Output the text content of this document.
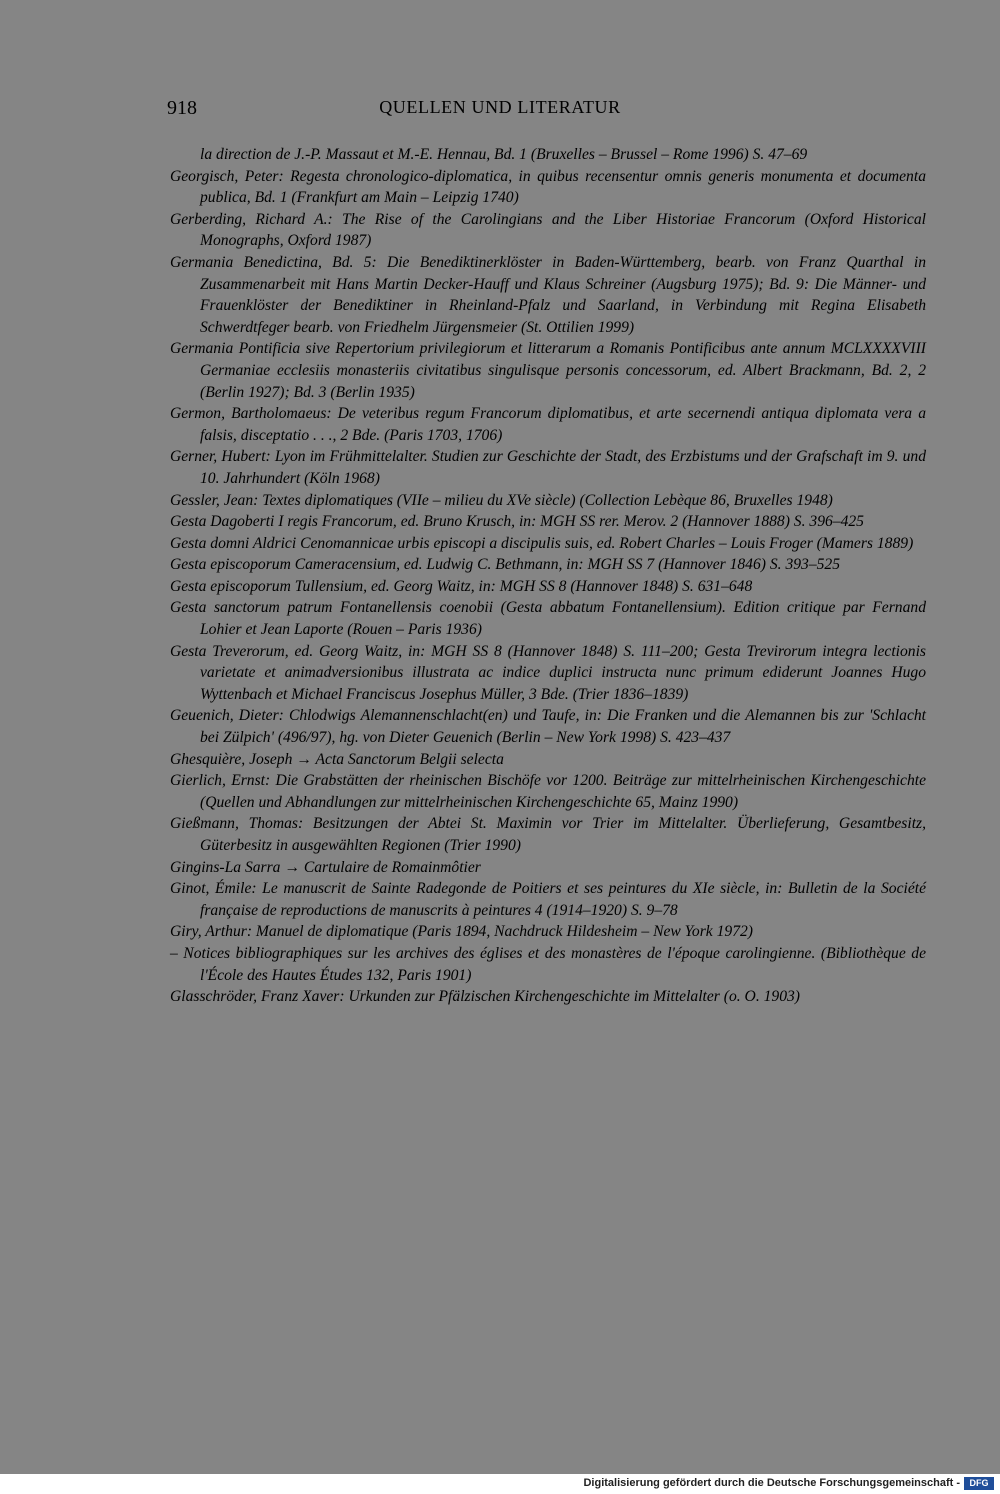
918	QUELLEN UND LITERATUR

la direction de J.-P. Massaut et M.-E. Hennau, Bd. 1 (Bruxelles – Brussel – Rome 1996) S. 47–69

Georgisch, Peter: Regesta chronologico-diplomatica, in quibus recensentur omnis generis monumenta et documenta publica, Bd. 1 (Frankfurt am Main – Leipzig 1740)

Gerberding, Richard A.: The Rise of the Carolingians and the Liber Historiae Francorum (Oxford Historical Monographs, Oxford 1987)

Germania Benedictina, Bd. 5: Die Benediktinerklöster in Baden-Württemberg, bearb. von Franz Quarthal in Zusammenarbeit mit Hans Martin Decker-Hauff und Klaus Schreiner (Augsburg 1975); Bd. 9: Die Männer- und Frauenklöster der Benediktiner in Rheinland-Pfalz und Saarland, in Verbindung mit Regina Elisabeth Schwerdtfeger bearb. von Friedhelm Jürgensmeier (St. Ottilien 1999)

Germania Pontificia sive Repertorium privilegiorum et litterarum a Romanis Pontificibus ante annum MCLXXXXVIII Germaniae ecclesiis monasteriis civitatibus singulisque personis concessorum, ed. Albert Brackmann, Bd. 2, 2 (Berlin 1927); Bd. 3 (Berlin 1935)

Germon, Bartholomaeus: De veteribus regum Francorum diplomatibus, et arte secernendi antiqua diplomata vera a falsis, disceptatio . . ., 2 Bde. (Paris 1703, 1706)

Gerner, Hubert: Lyon im Frühmittelalter. Studien zur Geschichte der Stadt, des Erzbistums und der Grafschaft im 9. und 10. Jahrhundert (Köln 1968)

Gessler, Jean: Textes diplomatiques (VIIe – milieu du XVe siècle) (Collection Lebèque 86, Bruxelles 1948)

Gesta Dagoberti I regis Francorum, ed. Bruno Krusch, in: MGH SS rer. Merov. 2 (Hannover 1888) S. 396–425

Gesta domni Aldrici Cenomannicae urbis episcopi a discipulis suis, ed. Robert Charles – Louis Froger (Mamers 1889)

Gesta episcoporum Cameracensium, ed. Ludwig C. Bethmann, in: MGH SS 7 (Hannover 1846) S. 393–525

Gesta episcoporum Tullensium, ed. Georg Waitz, in: MGH SS 8 (Hannover 1848) S. 631–648

Gesta sanctorum patrum Fontanellensis coenobii (Gesta abbatum Fontanellensium). Edition critique par Fernand Lohier et Jean Laporte (Rouen – Paris 1936)

Gesta Treverorum, ed. Georg Waitz, in: MGH SS 8 (Hannover 1848) S. 111–200; Gesta Trevirorum integra lectionis varietate et animadversionibus illustrata ac indice duplici instructa nunc primum ediderunt Joannes Hugo Wyttenbach et Michael Franciscus Josephus Müller, 3 Bde. (Trier 1836–1839)

Geuenich, Dieter: Chlodwigs Alemannenschlacht(en) und Taufe, in: Die Franken und die Alemannen bis zur 'Schlacht bei Zülpich' (496/97), hg. von Dieter Geuenich (Berlin – New York 1998) S. 423–437

Ghesquière, Joseph → Acta Sanctorum Belgii selecta

Gierlich, Ernst: Die Grabstätten der rheinischen Bischöfe vor 1200. Beiträge zur mittelrheinischen Kirchengeschichte (Quellen und Abhandlungen zur mittelrheinischen Kirchengeschichte 65, Mainz 1990)

Gießmann, Thomas: Besitzungen der Abtei St. Maximin vor Trier im Mittelalter. Überlieferung, Gesamtbesitz, Güterbesitz in ausgewählten Regionen (Trier 1990)

Gingins-La Sarra → Cartulaire de Romainmôtier

Ginot, Émile: Le manuscrit de Sainte Radegonde de Poitiers et ses peintures du XIe siècle, in: Bulletin de la Société française de reproductions de manuscrits à peintures 4 (1914–1920) S. 9–78

Giry, Arthur: Manuel de diplomatique (Paris 1894, Nachdruck Hildesheim – New York 1972)

– Notices bibliographiques sur les archives des églises et des monastères de l'époque carolingienne. (Bibliothèque de l'École des Hautes Études 132, Paris 1901)

Glasschröder, Franz Xaver: Urkunden zur Pfälzischen Kirchengeschichte im Mittelalter (o. O. 1903)

Digitalisierung gefördert durch die Deutsche Forschungsgemeinschaft -	DFG
